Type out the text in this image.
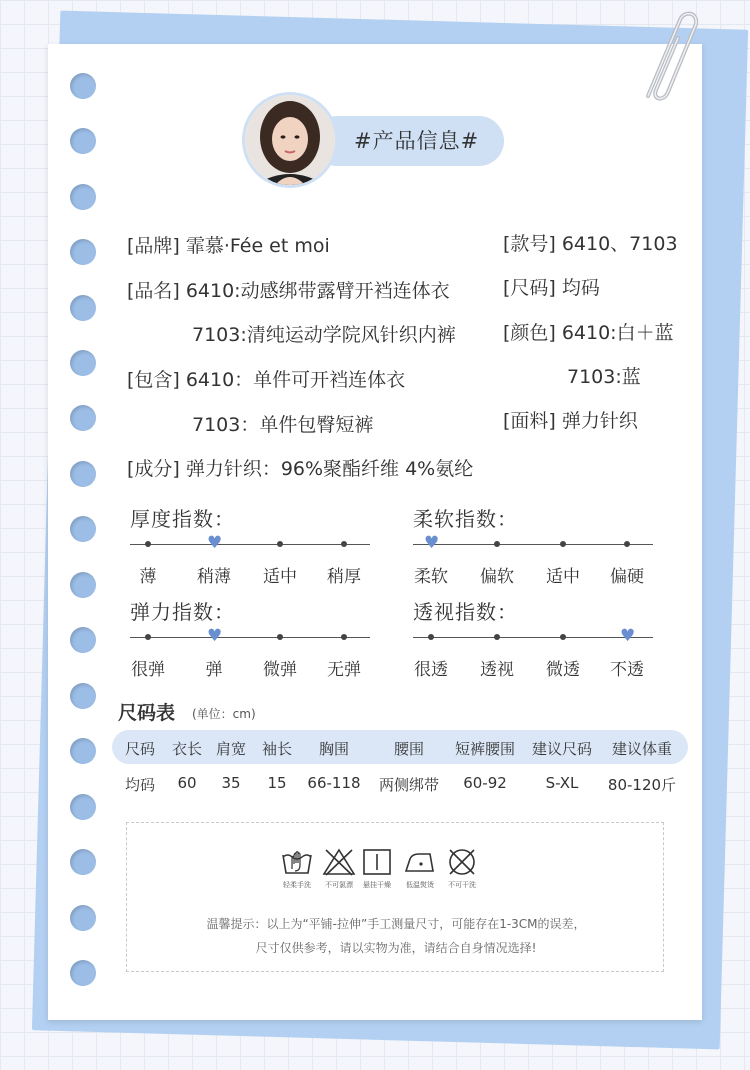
#产品信息#
[品牌] 霏慕·Fée et moi
[品名] 6410:动感绑带露臂开裆连体衣
7103:清纯运动学院风针织内裤
[包含] 6410：单件可开裆连体衣
7103：单件包臀短裤
[成分] 弹力针织：96%聚酯纤维 4%氨纶
[款号] 6410、7103
[尺码] 均码
[颜色] 6410:白＋蓝
7103:蓝
[面料] 弹力针织
厚度指数：
薄
♥
稍薄 适中 稍厚
柔软指数：
♥
柔软 偏软 适中 偏硬
弹力指数：
很弹
♥
弹 微弹 无弹
透视指数：
很透 透视 微透
♥
不透
尺码表 (单位：cm)
尺码 衣长 肩宽 袖长 胸围	腰围 短裤腰围 建议尺码 建议体重
均码 60 35 15 66-118 两侧绑带 60-92	S-XL 80-120斤
轻柔手洗	不可氯漂	悬挂干燥	低温熨烫	不可干洗
温馨提示：以上为“平铺-拉伸”手工测量尺寸，可能存在1-3CM的误差，
尺寸仅供参考，请以实物为准，请结合自身情况选择!
